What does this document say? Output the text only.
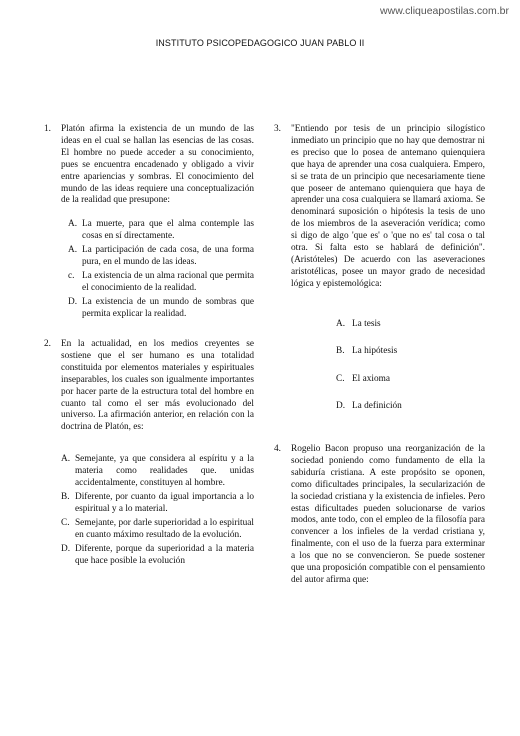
www.cliqueapostilas.com.br
INSTITUTO PSICOPEDAGOGICO JUAN PABLO II
1. Platón afirma la existencia de un mundo de las ideas en el cual se hallan las esencias de las cosas. El hombre no puede acceder a su conocimiento, pues se encuentra encadenado y obligado a vivir entre apariencias y sombras. El conocimiento del mundo de las ideas requiere una conceptualización de la realidad que presupone:
A. La muerte, para que el alma contemple las cosas en sí directamente.
A. La participación de cada cosa, de una forma pura, en el mundo de las ideas.
c. La existencia de un alma racional que permita el conocimiento de la realidad.
D. La existencia de un mundo de sombras que permita explicar la realidad.
2. En la actualidad, en los medios creyentes se sostiene que el ser humano es una totalidad constituida por elementos materiales y espirituales inseparables, los cuales son igualmente importantes por hacer parte de la estructura total del hombre en cuanto tal como el ser más evolucionado del universo. La afirmación anterior, en relación con la doctrina de Platón, es:
A. Semejante, ya que considera al espíritu y a la materia como realidades que. unidas accidentalmente, constituyen al hombre.
B. Diferente, por cuanto da igual importancia a lo espiritual y a lo material.
C. Semejante, por darle superioridad a lo espiritual en cuanto máximo resultado de la evolución.
D. Diferente, porque da superioridad a la materia que hace posible la evolución
3. "Entiendo por tesis de un principio silogístico inmediato un principio que no hay que demostrar ni es preciso que lo posea de antemano quienquiera que haya de aprender una cosa cualquiera. Empero, si se trata de un principio que necesariamente tiene que poseer de antemano quienquiera que haya de aprender una cosa cualquiera se llamará axioma. Se denominará suposición o hipótesis la tesis de uno de los miembros de la aseveración verídica; como si digo de algo 'que es' o 'que no es' tal cosa o tal otra. Si falta esto se hablará de definición". (Aristóteles) De acuerdo con las aseveraciones aristotélicas, posee un mayor grado de necesidad lógica y epistemológica:
A. La tesis
B. La hipótesis
C. El axioma
D. La definición
4. Rogelio Bacon propuso una reorganización de la sociedad poniendo como fundamento de ella la sabiduría cristiana. A este propósito se oponen, como dificultades principales, la secularización de la sociedad cristiana y la existencia de infieles. Pero estas dificultades pueden solucionarse de varios modos, ante todo, con el empleo de la filosofía para convencer a los infieles de la verdad cristiana y, finalmente, con el uso de la fuerza para exterminar a los que no se convencieron. Se puede sostener que una proposición compatible con el pensamiento del autor afirma que:
